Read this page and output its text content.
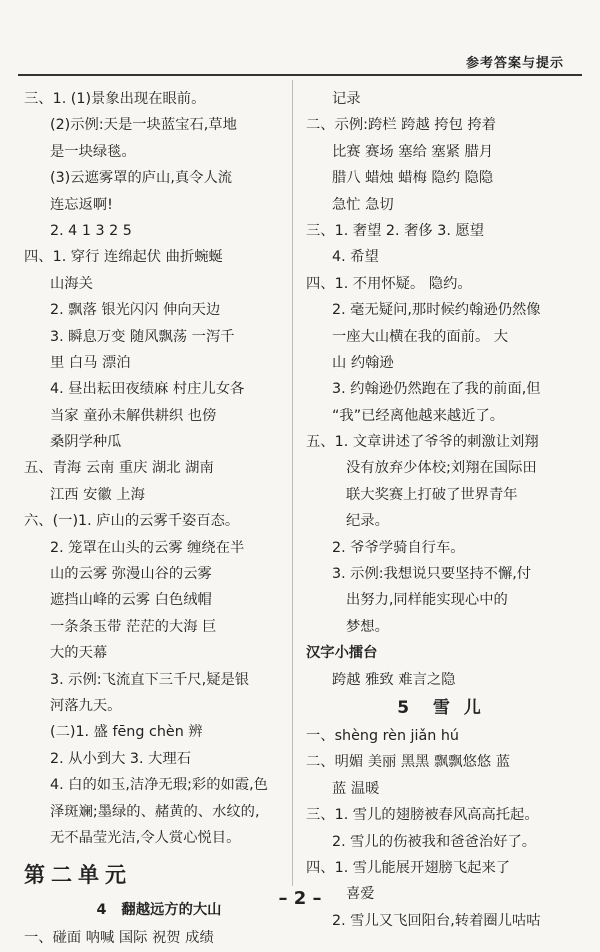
参考答案与提示
三、1. (1)景象出现在眼前。
(2)示例:天是一块蓝宝石,草地
是一块绿毯。
(3)云遮雾罩的庐山,真令人流
连忘返啊!
2. 4 1 3 2 5
四、1. 穿行 连绵起伏 曲折蜿蜒
山海关
2. 飘落 银光闪闪 伸向天边
3. 瞬息万变 随风飘荡 一泻千
里 白马 漂泊
4. 昼出耘田夜绩麻 村庄儿女各
当家 童孙未解供耕织 也傍
桑阴学种瓜
五、青海 云南 重庆 湖北 湖南
江西 安徽 上海
六、(一)1. 庐山的云雾千姿百态。
2. 笼罩在山头的云雾 缠绕在半
山的云雾 弥漫山谷的云雾
遮挡山峰的云雾 白色绒帽
一条条玉带 茫茫的大海 巨
大的天幕
3. 示例:飞流直下三千尺,疑是银
河落九天。
(二)1. 盛 fēng chèn 辨
2. 从小到大 3. 大理石
4. 白的如玉,洁净无瑕;彩的如霞,色
泽斑斓;墨绿的、赭黄的、水纹的,
无不晶莹光洁,令人赏心悦目。
第二单元
4 翻越远方的大山
一、碰面 呐喊 国际 祝贺 成绩
记录
二、示例:跨栏 跨越 挎包 挎着
比赛 赛场 塞给 塞紧 腊月
腊八 蜡烛 蜡梅 隐约 隐隐
急忙 急切
三、1. 奢望 2. 奢侈 3. 愿望
4. 希望
四、1. 不用怀疑。 隐约。
2. 毫无疑问,那时候约翰逊仍然像
一座大山横在我的面前。 大
山 约翰逊
3. 约翰逊仍然跑在了我的前面,但
“我”已经离他越来越近了。
五、1. 文章讲述了爷爷的刺激让刘翔
没有放弃少体校;刘翔在国际田
联大奖赛上打破了世界青年
纪录。
2. 爷爷学骑自行车。
3. 示例:我想说只要坚持不懈,付
出努力,同样能实现心中的
梦想。
汉字小擂台
跨越 雅致 难言之隐
5 雪 儿
一、shèng rèn jiǎn hú
二、明媚 美丽 黑黑 飘飘悠悠 蓝
蓝 温暖
三、1. 雪儿的翅膀被春风高高托起。
2. 雪儿的伤被我和爸爸治好了。
四、1. 雪儿能展开翅膀飞起来了
喜爱
2. 雪儿又飞回阳台,转着圈儿咕咕
– 2 –
